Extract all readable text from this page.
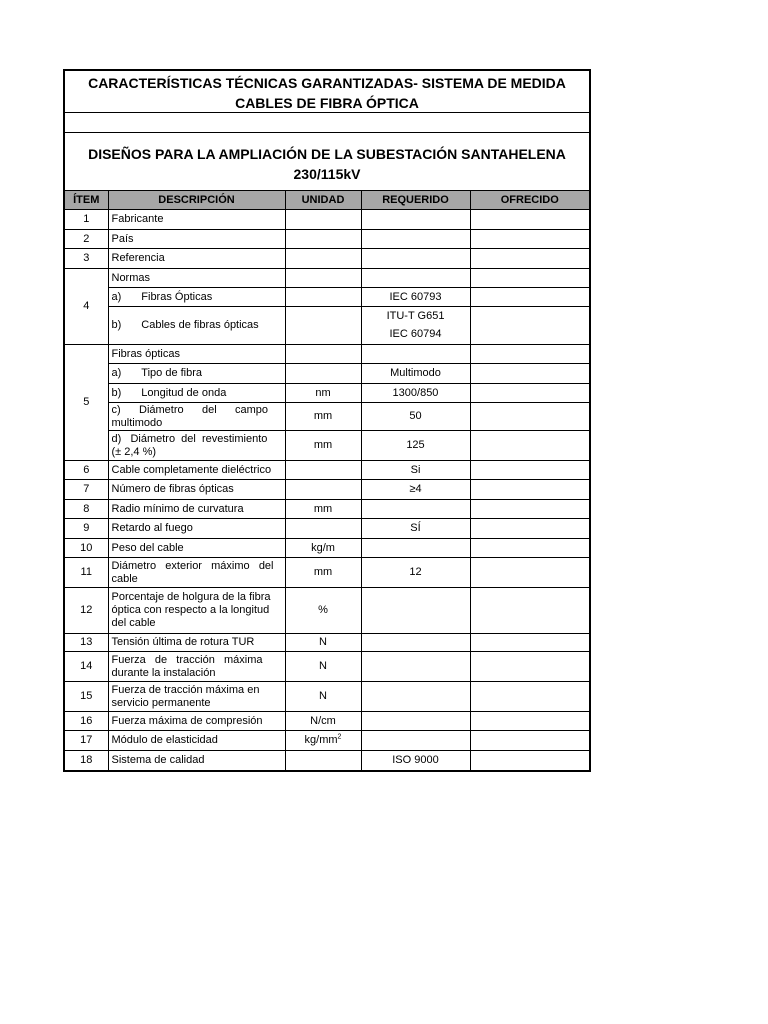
CARACTERÍSTICAS TÉCNICAS GARANTIZADAS- SISTEMA DE MEDIDA
CABLES DE FIBRA ÓPTICA
DISEÑOS PARA LA AMPLIACIÓN DE LA SUBESTACIÓN SANTAHELENA
230/115kV
ÍTEM	DESCRIPCIÓN	UNIDAD	REQUERIDO	OFRECIDO
1	Fabricante			
2	País			
3	Referencia			
4	Normas			
	a) Fibras Ópticas		IEC 60793	
	b) Cables de fibras ópticas		ITU-T G651	
			IEC 60794	
5	Fibras ópticas			
	a) Tipo de fibra		Multimodo	
	b) Longitud de onda	nm	1300/850	

	c)      Diámetro      del      campo
multimodo	mm	50	

	d)   Diámetro  del  revestimiento
(± 2,4 %)	mm	125	
6	Cable completamente dieléctrico		Si	
7	Número de fibras ópticas		≥4	
8	Radio mínimo de curvatura	mm		
9	Retardo al fuego		SÍ	
10	Peso del cable	kg/m		
11	Diámetro   exterior   máximo   del
cable	mm	12	
12	Porcentaje de holgura de la fibra
óptica con respecto a la longitud
del cable	%		
13	Tensión última de rotura TUR	N		
14	Fuerza   de   tracción   máxima
durante la instalación	N		
15	Fuerza de tracción máxima en
servicio permanente	N		
16	Fuerza máxima de compresión	N/cm		
17	Módulo de elasticidad	$kg/mm^2$		
18	Sistema de calidad		ISO 9000	
